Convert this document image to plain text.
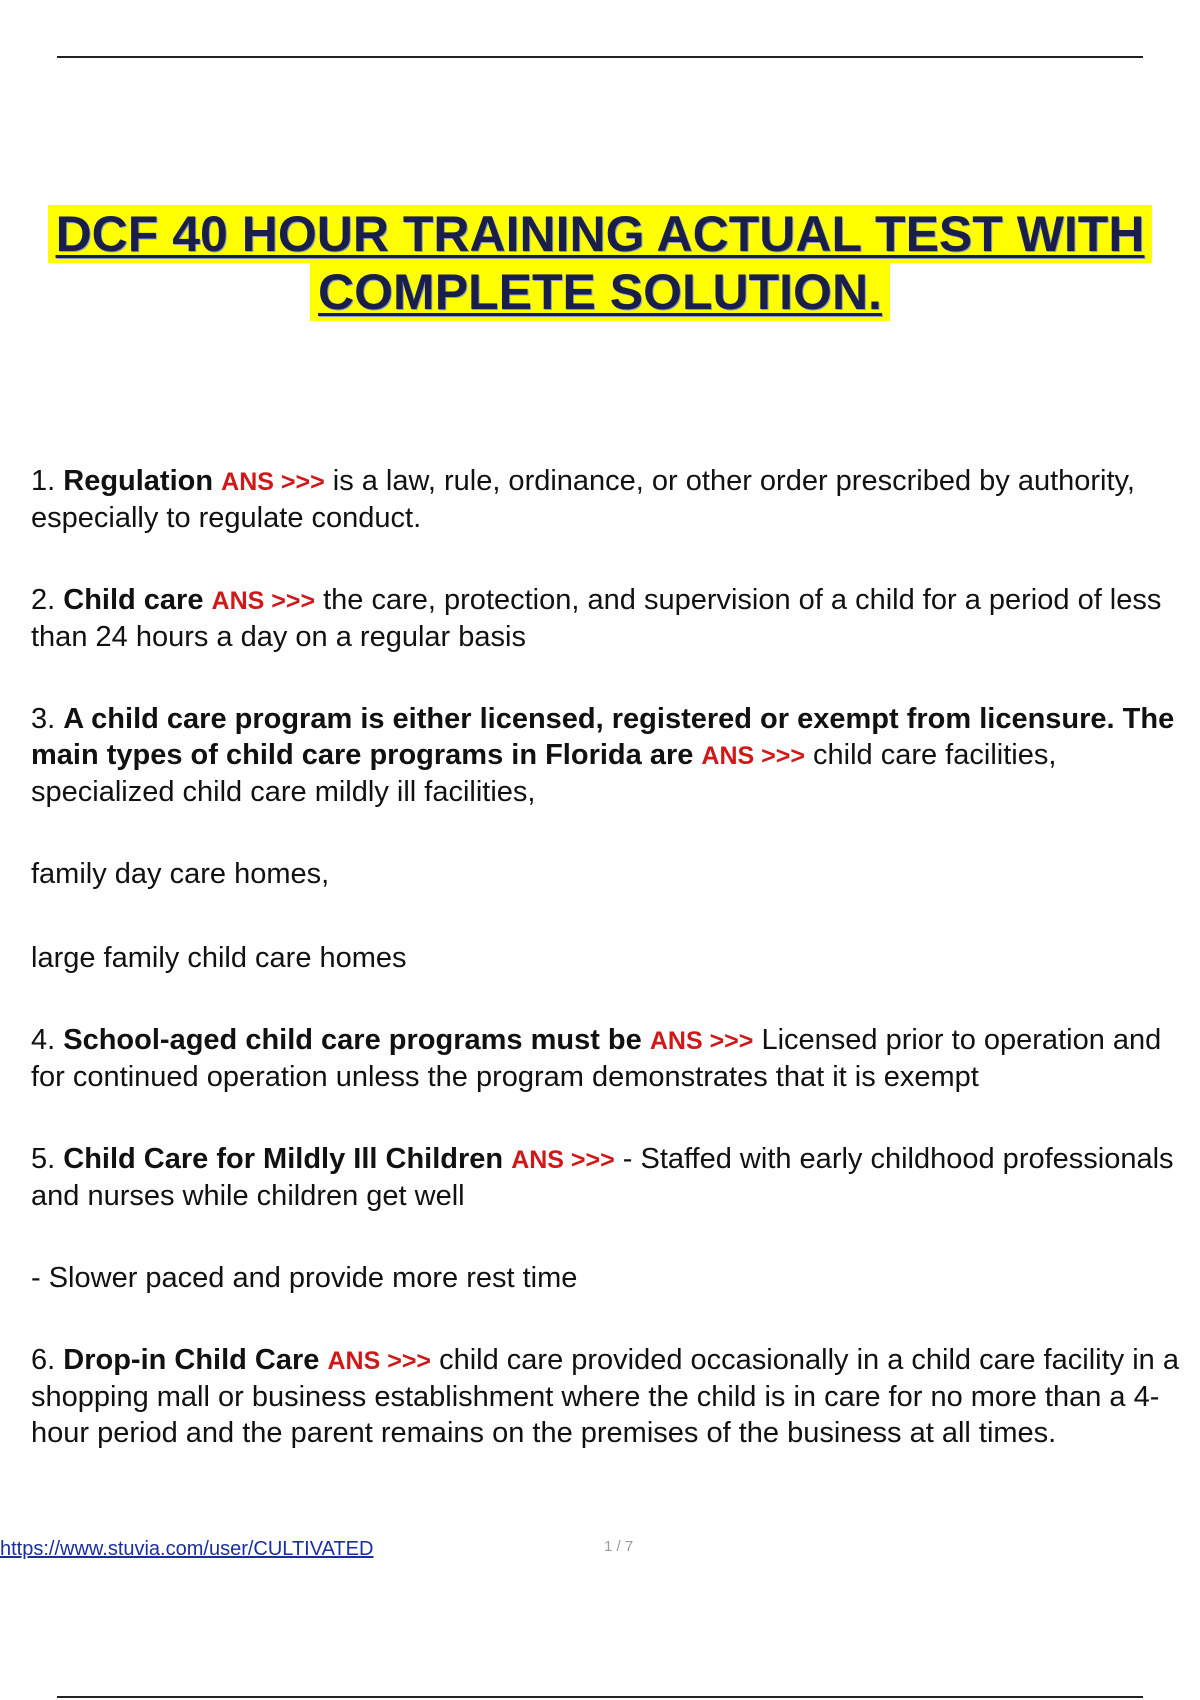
DCF 40 HOUR TRAINING ACTUAL TEST WITH
COMPLETE SOLUTION.

1. Regulation ANS >>> is a law, rule, ordinance, or other order prescribed by authority, especially to regulate conduct.

2. Child care ANS >>> the care, protection, and supervision of a child for a period of less than 24 hours a day on a regular basis

3. A child care program is either licensed, registered or exempt from licensure. The main types of child care programs in Florida are ANS >>> child care facilities, specialized child care mildly ill facilities,

family day care homes,

large family child care homes

4. School-aged child care programs must be ANS >>> Licensed prior to operation and for continued operation unless the program demonstrates that it is exempt

5. Child Care for Mildly Ill Children ANS >>> - Staffed with early childhood professionals and nurses while children get well

- Slower paced and provide more rest time

6. Drop-in Child Care ANS >>> child care provided occasionally in a child care facility in a shopping mall or business establishment where the child is in care for no more than a 4-hour period and the parent remains on the premises of the business at all times.

https://www.stuvia.com/user/CULTIVATED	1 / 7
